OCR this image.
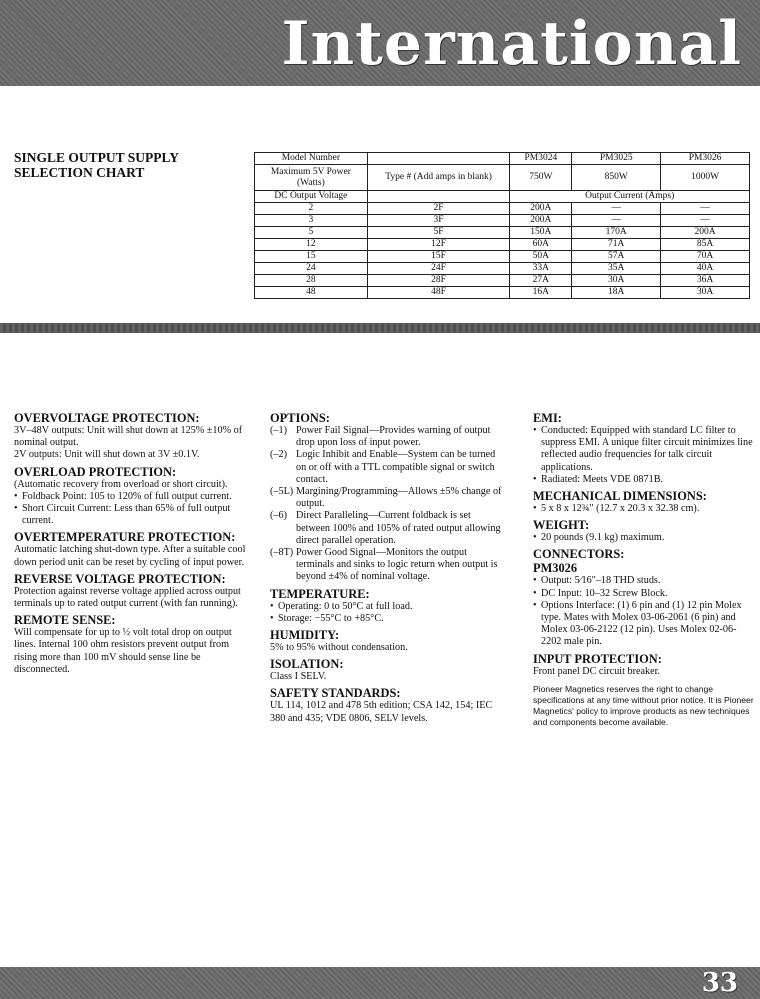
International
SINGLE OUTPUT SUPPLY SELECTION CHART
Model Number		PM3024	PM3025	PM3026
Maximum 5V Power (Watts)	Type # (Add amps in blank)	750W	850W	1000W
DC Output Voltage		Output Current (Amps)		
2	2F	200A	—	—
3	3F	200A	—	—
5	5F	150A	170A	200A
12	12F	60A	71A	85A
15	15F	50A	57A	70A
24	24F	33A	35A	40A
28	28F	27A	30A	36A
48	48F	16A	18A	30A
OVERVOLTAGE PROTECTION:
3V–48V outputs: Unit will shut down at 125% ±10% of nominal output.
2V outputs: Unit will shut down at 3V ±0.1V.
OVERLOAD PROTECTION:
(Automatic recovery from overload or short circuit).
• Foldback Point: 105 to 120% of full output current.
• Short Circuit Current: Less than 65% of full output current.
OVERTEMPERATURE PROTECTION:
Automatic latching shut-down type. After a suitable cool down period unit can be reset by cycling of input power.
REVERSE VOLTAGE PROTECTION:
Protection against reverse voltage applied across output terminals up to rated output current (with fan running).
REMOTE SENSE:
Will compensate for up to ½ volt total drop on output lines. Internal 100 ohm resistors prevent output from rising more than 100 mV should sense line be disconnected.
OPTIONS:
(–1) Power Fail Signal—Provides warning of output drop upon loss of input power.
(–2) Logic Inhibit and Enable—System can be turned on or off with a TTL compatible signal or switch contact.
(–5L) Margining/Programming—Allows ±5% change of output.
(–6) Direct Paralleling—Current foldback is set between 100% and 105% of rated output allowing direct parallel operation.
(–8T) Power Good Signal—Monitors the output terminals and sinks to logic return when output is beyond ±4% of nominal voltage.
TEMPERATURE:
• Operating: 0 to 50°C at full load.
• Storage: −55°C to +85°C.
HUMIDITY:
5% to 95% without condensation.
ISOLATION:
Class I SELV.
SAFETY STANDARDS:
UL 114, 1012 and 478 5th edition; CSA 142, 154; IEC 380 and 435; VDE 0806, SELV levels.
EMI:
• Conducted: Equipped with standard LC filter to suppress EMI. A unique filter circuit minimizes line reflected audio frequencies for talk circuit applications.
• Radiated: Meets VDE 0871B.
MECHANICAL DIMENSIONS:
• 5 x 8 x 12¾" (12.7 x 20.3 x 32.38 cm).
WEIGHT:
• 20 pounds (9.1 kg) maximum.
CONNECTORS:
PM3026
• Output: 5⁄16"–18 THD studs.
• DC Input: 10–32 Screw Block.
• Options Interface: (1) 6 pin and (1) 12 pin Molex type. Mates with Molex 03-06-2061 (6 pin) and Molex 03-06-2122 (12 pin). Uses Molex 02-06-2202 male pin.
INPUT PROTECTION:
Front panel DC circuit breaker.
Pioneer Magnetics reserves the right to change specifications at any time without prior notice. It is Pioneer Magnetics' policy to improve products as new techniques and components become available.
33
